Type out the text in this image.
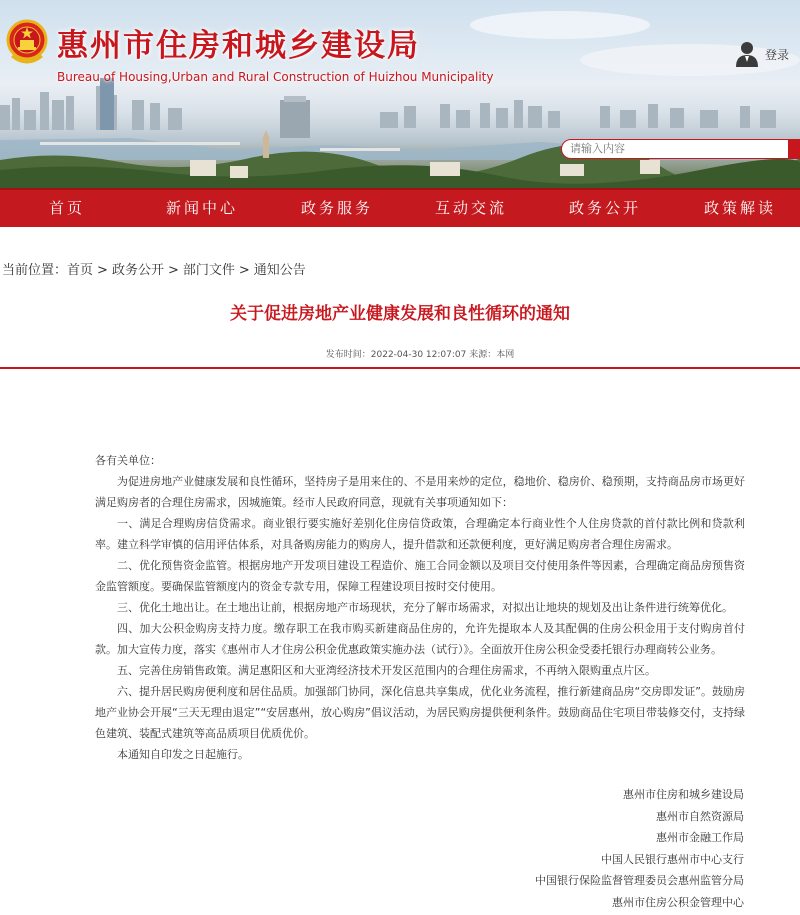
惠州市住房和城乡建设局
Bureau of Housing,Urban and Rural Construction of Huizhou Municipality
登录
请输入内容
首页	新闻中心	政务服务	互动交流	政务公开	政策解读
当前位置：首页 > 政务公开 > 部门文件 > 通知公告
关于促进房地产业健康发展和良性循环的通知
发布时间：2022-04-30 12:07:07 来源：本网

各有关单位：

为促进房地产业健康发展和良性循环，坚持房子是用来住的、不是用来炒的定位，稳地价、稳房价、稳预期，支持商品房市场更好满足购房者的合理住房需求，因城施策。经市人民政府同意，现就有关事项通知如下：

一、满足合理购房信贷需求。商业银行要实施好差别化住房信贷政策，合理确定本行商业性个人住房贷款的首付款比例和贷款利率。建立科学审慎的信用评估体系，对具备购房能力的购房人，提升借款和还款便利度，更好满足购房者合理住房需求。

二、优化预售资金监管。根据房地产开发项目建设工程造价、施工合同金额以及项目交付使用条件等因素，合理确定商品房预售资金监管额度。要确保监管额度内的资金专款专用，保障工程建设项目按时交付使用。

三、优化土地出让。在土地出让前，根据房地产市场现状，充分了解市场需求，对拟出让地块的规划及出让条件进行统筹优化。

四、加大公积金购房支持力度。缴存职工在我市购买新建商品住房的，允许先提取本人及其配偶的住房公积金用于支付购房首付款。加大宣传力度，落实《惠州市人才住房公积金优惠政策实施办法（试行）》。全面放开住房公积金受委托银行办理商转公业务。

五、完善住房销售政策。满足惠阳区和大亚湾经济技术开发区范围内的合理住房需求，不再纳入限购重点片区。

六、提升居民购房便利度和居住品质。加强部门协同，深化信息共享集成，优化业务流程，推行新建商品房“交房即发证”。鼓励房地产业协会开展“三天无理由退定”“安居惠州，放心购房”倡议活动，为居民购房提供便利条件。鼓励商品住宅项目带装修交付，支持绿色建筑、装配式建筑等高品质项目优质优价。

本通知自印发之日起施行。

惠州市住房和城乡建设局
惠州市自然资源局
惠州市金融工作局
中国人民银行惠州市中心支行
中国银行保险监督管理委员会惠州监管分局
惠州市住房公积金管理中心
